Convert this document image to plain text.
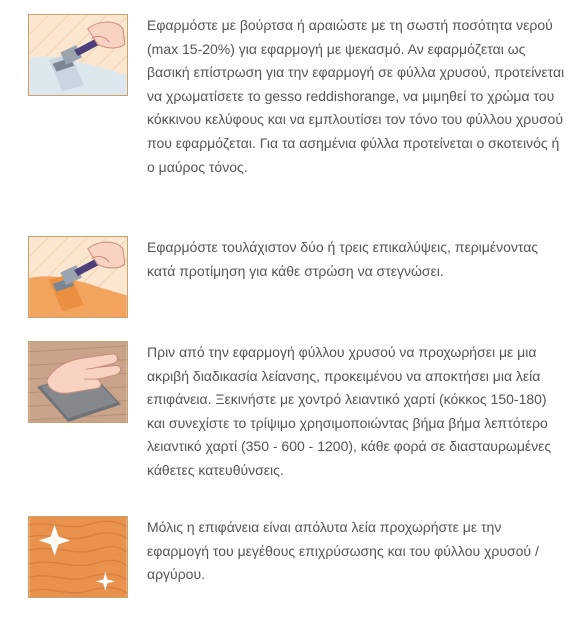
Εφαρμόστε με βούρτσα ή αραιώστε με τη σωστή ποσότητα νερού (max 15-20%) για εφαρμογή με ψεκασμό. Αν εφαρμόζεται ως βασική επίστρωση για την εφαρμογή σε φύλλα χρυσού, προτείνεται να χρωματίσετε το gesso reddishorange, να μιμηθεί το χρώμα του κόκκινου κελύφους και να εμπλουτίσει τον τόνο του φύλλου χρυσού που εφαρμόζεται. Για τα ασημένια φύλλα προτείνεται ο σκοτεινός ή ο μαύρος τόνος.

Εφαρμόστε τουλάχιστον δύο ή τρεις επικαλύψεις, περιμένοντας κατά προτίμηση για κάθε στρώση να στεγνώσει.

Πριν από την εφαρμογή φύλλου χρυσού να προχωρήσει με μια ακριβή διαδικασία λείανσης, προκειμένου να αποκτήσει μια λεία επιφάνεια. Ξεκινήστε με χοντρό λειαντικό χαρτί (κόκκος 150-180) και συνεχίστε το τρίψιμο χρησιμοποιώντας βήμα βήμα λεπτότερο λειαντικό χαρτί (350 - 600 - 1200), κάθε φορά σε διασταυρωμένες κάθετες κατευθύνσεις.

Μόλις η επιφάνεια είναι απόλυτα λεία προχωρήστε με την εφαρμογή του μεγέθους επιχρύσωσης και του φύλλου χρυσού / αργύρου.
